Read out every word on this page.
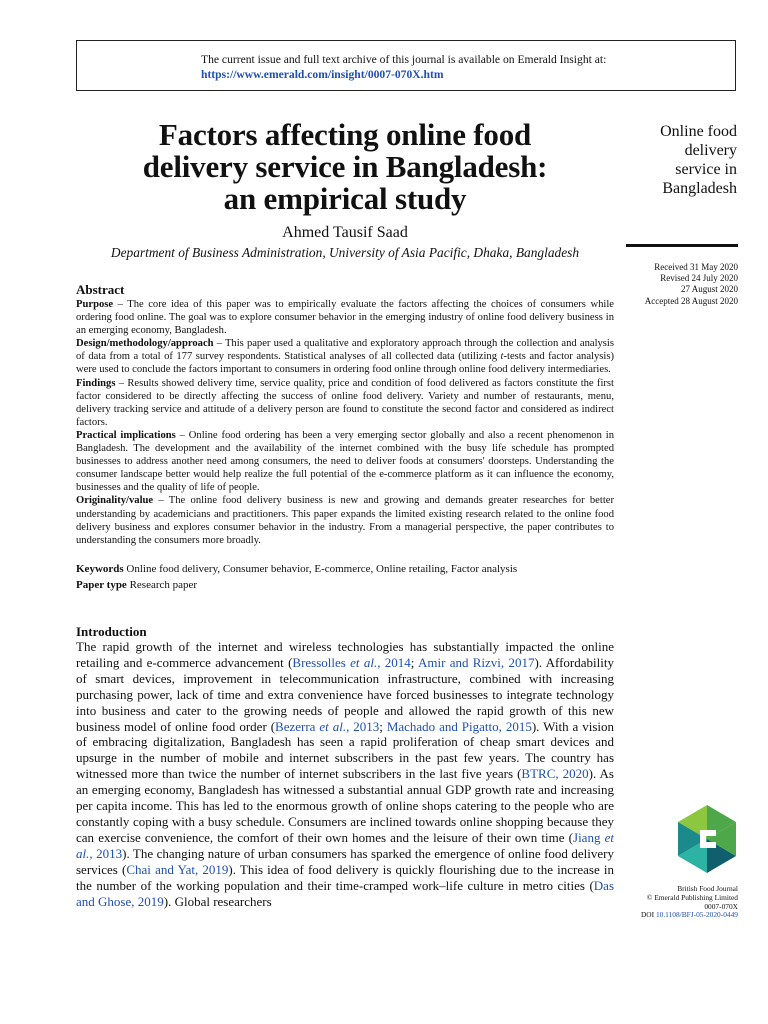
The current issue and full text archive of this journal is available on Emerald Insight at:
https://www.emerald.com/insight/0007-070X.htm
Factors affecting online food
delivery service in Bangladesh:
an empirical study
Ahmed Tausif Saad
Department of Business Administration, University of Asia Pacific, Dhaka, Bangladesh
Online food
delivery
service in
Bangladesh
Received 31 May 2020
Revised 24 July 2020
27 August 2020
Accepted 28 August 2020
Abstract

Purpose – The core idea of this paper was to empirically evaluate the factors affecting the choices of consumers while ordering food online. The goal was to explore consumer behavior in the emerging industry of online food delivery business in an emerging economy, Bangladesh.

Design/methodology/approach – This paper used a qualitative and exploratory approach through the collection and analysis of data from a total of 177 survey respondents. Statistical analyses of all collected data (utilizing t-tests and factor analysis) were used to conclude the factors important to consumers in ordering food online through online food delivery intermediaries.

Findings – Results showed delivery time, service quality, price and condition of food delivered as factors constitute the first factor considered to be directly affecting the success of online food delivery. Variety and number of restaurants, menu, delivery tracking service and attitude of a delivery person are found to constitute the second factor and considered as indirect factors.

Practical implications – Online food ordering has been a very emerging sector globally and also a recent phenomenon in Bangladesh. The development and the availability of the internet combined with the busy life schedule has prompted businesses to address another need among consumers, the need to deliver foods at consumers' doorsteps. Understanding the consumer landscape better would help realize the full potential of the e-commerce platform as it can influence the economy, businesses and the quality of life of people.

Originality/value – The online food delivery business is new and growing and demands greater researches for better understanding by academicians and practitioners. This paper expands the limited existing research related to the online food delivery business and explores consumer behavior in the industry. From a managerial perspective, the paper contributes to understanding the consumers more broadly.

Keywords Online food delivery, Consumer behavior, E-commerce, Online retailing, Factor analysis
Paper type Research paper
Introduction

The rapid growth of the internet and wireless technologies has substantially impacted the online retailing and e-commerce advancement (Bressolles et al., 2014; Amir and Rizvi, 2017). Affordability of smart devices, improvement in telecommunication infrastructure, combined with increasing purchasing power, lack of time and extra convenience have forced businesses to integrate technology into business and cater to the growing needs of people and allowed the rapid growth of this new business model of online food order (Bezerra et al., 2013; Machado and Pigatto, 2015). With a vision of embracing digitalization, Bangladesh has seen a rapid proliferation of cheap smart devices and upsurge in the number of mobile and internet subscribers in the past few years. The country has witnessed more than twice the number of internet subscribers in the last five years (BTRC, 2020). As an emerging economy, Bangladesh has witnessed a substantial annual GDP growth rate and increasing per capita income. This has led to the enormous growth of online shops catering to the people who are constantly coping with a busy schedule. Consumers are inclined towards online shopping because they can exercise convenience, the comfort of their own homes and the leisure of their own time (Jiang et al., 2013). The changing nature of urban consumers has sparked the emergence of online food delivery services (Chai and Yat, 2019). This idea of food delivery is quickly flourishing due to the increase in the number of the working population and their time-cramped work–life culture in metro cities (Das and Ghose, 2019). Global researchers

British Food Journal
© Emerald Publishing Limited
0007-070X
DOI 10.1108/BFJ-05-2020-0449
